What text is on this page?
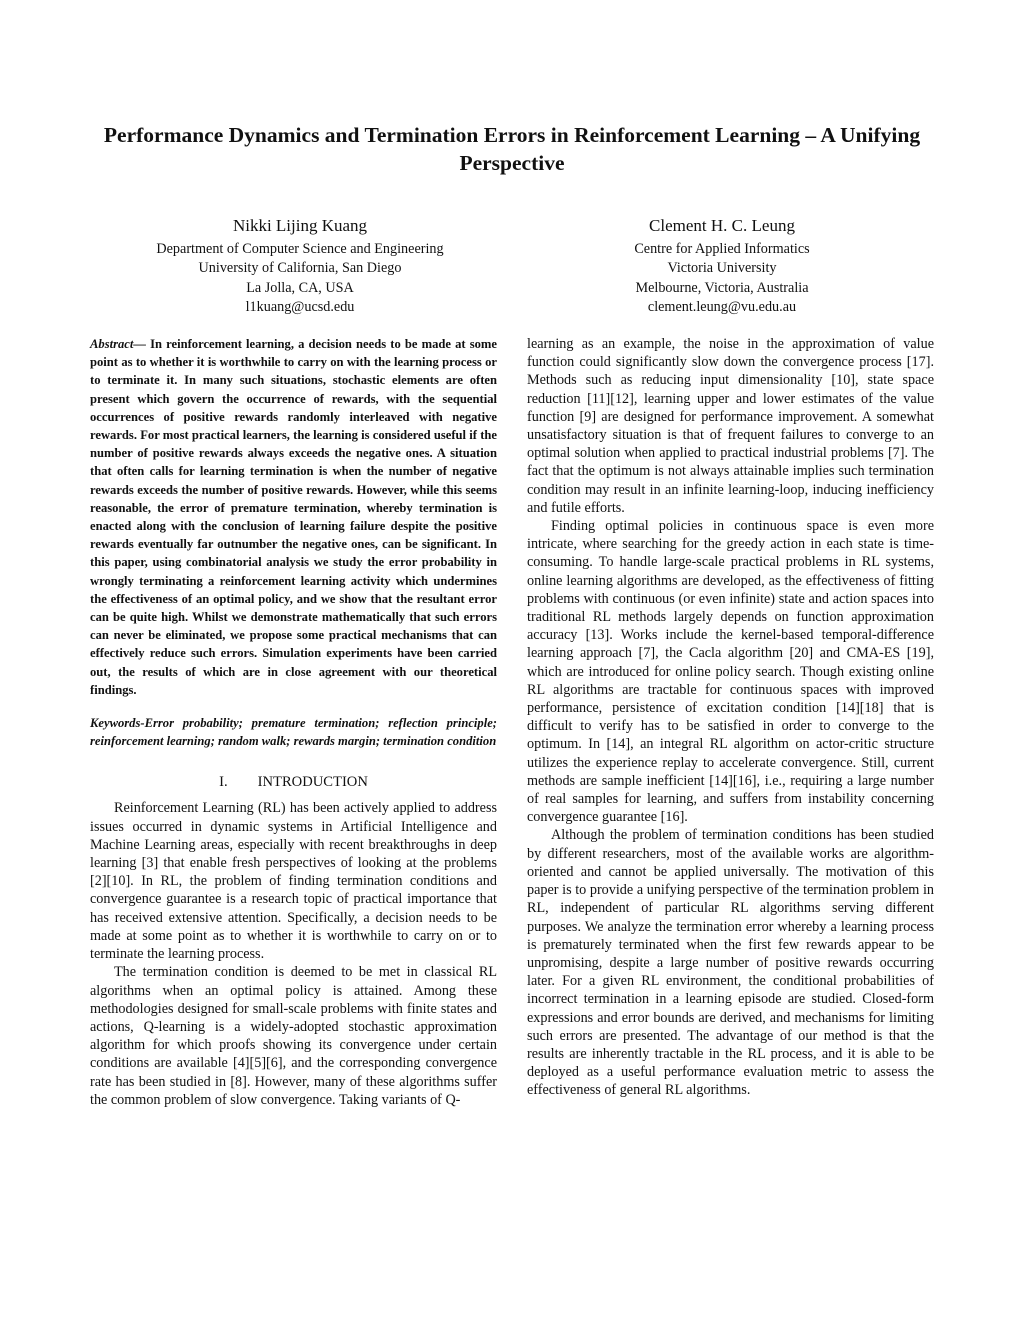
Performance Dynamics and Termination Errors in Reinforcement Learning – A Unifying Perspective
Nikki Lijing Kuang
Department of Computer Science and Engineering
University of California, San Diego
La Jolla, CA, USA
l1kuang@ucsd.edu
Clement H. C. Leung
Centre for Applied Informatics
Victoria University
Melbourne, Victoria, Australia
clement.leung@vu.edu.au

Abstract— In reinforcement learning, a decision needs to be made at some point as to whether it is worthwhile to carry on with the learning process or to terminate it. In many such situations, stochastic elements are often present which govern the occurrence of rewards, with the sequential occurrences of positive rewards randomly interleaved with negative rewards. For most practical learners, the learning is considered useful if the number of positive rewards always exceeds the negative ones. A situation that often calls for learning termination is when the number of negative rewards exceeds the number of positive rewards. However, while this seems reasonable, the error of premature termination, whereby termination is enacted along with the conclusion of learning failure despite the positive rewards eventually far outnumber the negative ones, can be significant. In this paper, using combinatorial analysis we study the error probability in wrongly terminating a reinforcement learning activity which undermines the effectiveness of an optimal policy, and we show that the resultant error can be quite high. Whilst we demonstrate mathematically that such errors can never be eliminated, we propose some practical mechanisms that can effectively reduce such errors. Simulation experiments have been carried out, the results of which are in close agreement with our theoretical findings.

Keywords-Error probability; premature termination; reflection principle; reinforcement learning; random walk; rewards margin; termination condition
I. INTRODUCTION

Reinforcement Learning (RL) has been actively applied to address issues occurred in dynamic systems in Artificial Intelligence and Machine Learning areas, especially with recent breakthroughs in deep learning [3] that enable fresh perspectives of looking at the problems [2][10]. In RL, the problem of finding termination conditions and convergence guarantee is a research topic of practical importance that has received extensive attention. Specifically, a decision needs to be made at some point as to whether it is worthwhile to carry on or to terminate the learning process.

The termination condition is deemed to be met in classical RL algorithms when an optimal policy is attained. Among these methodologies designed for small-scale problems with finite states and actions, Q-learning is a widely-adopted stochastic approximation algorithm for which proofs showing its convergence under certain conditions are available [4][5][6], and the corresponding convergence rate has been studied in [8]. However, many of these algorithms suffer the common problem of slow convergence. Taking variants of Q-

learning as an example, the noise in the approximation of value function could significantly slow down the convergence process [17]. Methods such as reducing input dimensionality [10], state space reduction [11][12], learning upper and lower estimates of the value function [9] are designed for performance improvement. A somewhat unsatisfactory situation is that of frequent failures to converge to an optimal solution when applied to practical industrial problems [7]. The fact that the optimum is not always attainable implies such termination condition may result in an infinite learning-loop, inducing inefficiency and futile efforts.

Finding optimal policies in continuous space is even more intricate, where searching for the greedy action in each state is time-consuming. To handle large-scale practical problems in RL systems, online learning algorithms are developed, as the effectiveness of fitting problems with continuous (or even infinite) state and action spaces into traditional RL methods largely depends on function approximation accuracy [13]. Works include the kernel-based temporal-difference learning approach [7], the Cacla algorithm [20] and CMA-ES [19], which are introduced for online policy search. Though existing online RL algorithms are tractable for continuous spaces with improved performance, persistence of excitation condition [14][18] that is difficult to verify has to be satisfied in order to converge to the optimum. In [14], an integral RL algorithm on actor-critic structure utilizes the experience replay to accelerate convergence. Still, current methods are sample inefficient [14][16], i.e., requiring a large number of real samples for learning, and suffers from instability concerning convergence guarantee [16].

Although the problem of termination conditions has been studied by different researchers, most of the available works are algorithm-oriented and cannot be applied universally. The motivation of this paper is to provide a unifying perspective of the termination problem in RL, independent of particular RL algorithms serving different purposes. We analyze the termination error whereby a learning process is prematurely terminated when the first few rewards appear to be unpromising, despite a large number of positive rewards occurring later. For a given RL environment, the conditional probabilities of incorrect termination in a learning episode are studied. Closed-form expressions and error bounds are derived, and mechanisms for limiting such errors are presented. The advantage of our method is that the results are inherently tractable in the RL process, and it is able to be deployed as a useful performance evaluation metric to assess the effectiveness of general RL algorithms.
